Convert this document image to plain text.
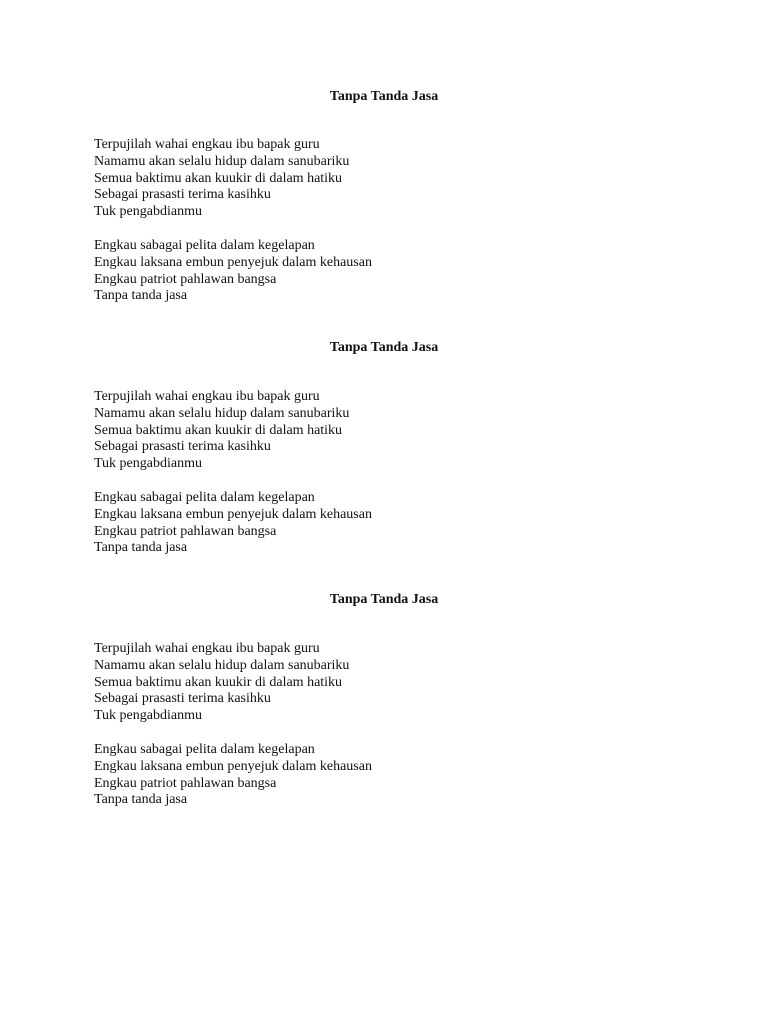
Tanpa Tanda Jasa
Terpujilah wahai engkau ibu bapak guru
Namamu akan selalu hidup dalam sanubariku
Semua baktimu akan kuukir di dalam hatiku
Sebagai prasasti terima kasihku
Tuk pengabdianmu
Engkau sabagai pelita dalam kegelapan
Engkau laksana embun penyejuk dalam kehausan
Engkau patriot pahlawan bangsa
Tanpa tanda jasa
Tanpa Tanda Jasa
Terpujilah wahai engkau ibu bapak guru
Namamu akan selalu hidup dalam sanubariku
Semua baktimu akan kuukir di dalam hatiku
Sebagai prasasti terima kasihku
Tuk pengabdianmu
Engkau sabagai pelita dalam kegelapan
Engkau laksana embun penyejuk dalam kehausan
Engkau patriot pahlawan bangsa
Tanpa tanda jasa
Tanpa Tanda Jasa
Terpujilah wahai engkau ibu bapak guru
Namamu akan selalu hidup dalam sanubariku
Semua baktimu akan kuukir di dalam hatiku
Sebagai prasasti terima kasihku
Tuk pengabdianmu
Engkau sabagai pelita dalam kegelapan
Engkau laksana embun penyejuk dalam kehausan
Engkau patriot pahlawan bangsa
Tanpa tanda jasa
